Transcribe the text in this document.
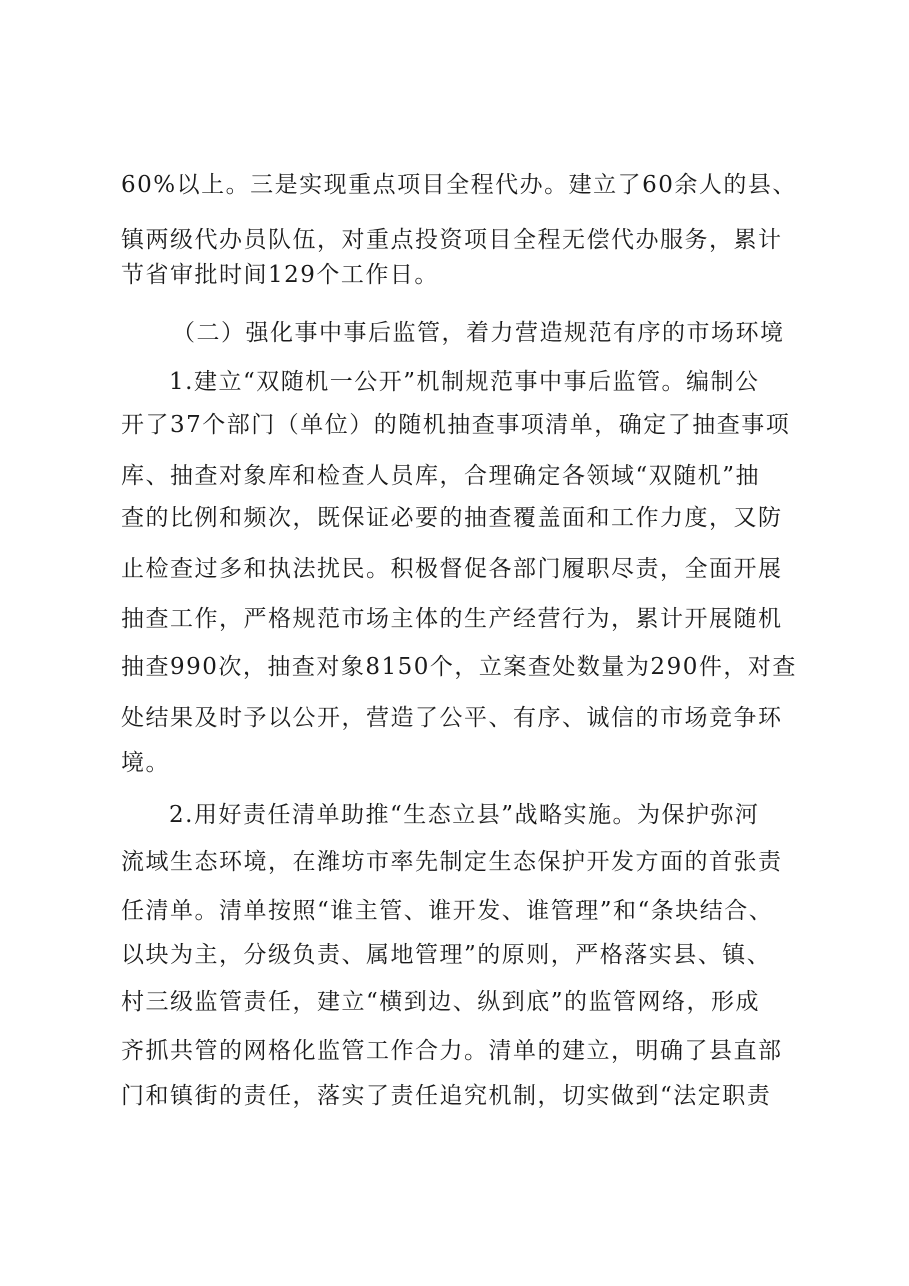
60%以上。三是实现重点项目全程代办。建立了60余人的县、
镇两级代办员队伍，对重点投资项目全程无偿代办服务，累计
节省审批时间129个工作日。
（二）强化事中事后监管，着力营造规范有序的市场环境
1.建立“双随机一公开”机制规范事中事后监管。编制公
开了37个部门（单位）的随机抽查事项清单，确定了抽查事项
库、抽查对象库和检查人员库，合理确定各领域“双随机”抽
查的比例和频次，既保证必要的抽查覆盖面和工作力度，又防
止检查过多和执法扰民。积极督促各部门履职尽责，全面开展
抽查工作，严格规范市场主体的生产经营行为，累计开展随机
抽查990次，抽查对象8150个，立案查处数量为290件，对查
处结果及时予以公开，营造了公平、有序、诚信的市场竞争环
境。
2.用好责任清单助推“生态立县”战略实施。为保护弥河
流域生态环境，在潍坊市率先制定生态保护开发方面的首张责
任清单。清单按照“谁主管、谁开发、谁管理”和“条块结合、
以块为主，分级负责、属地管理”的原则，严格落实县、镇、
村三级监管责任，建立“横到边、纵到底”的监管网络，形成
齐抓共管的网格化监管工作合力。清单的建立，明确了县直部
门和镇街的责任，落实了责任追究机制，切实做到“法定职责
